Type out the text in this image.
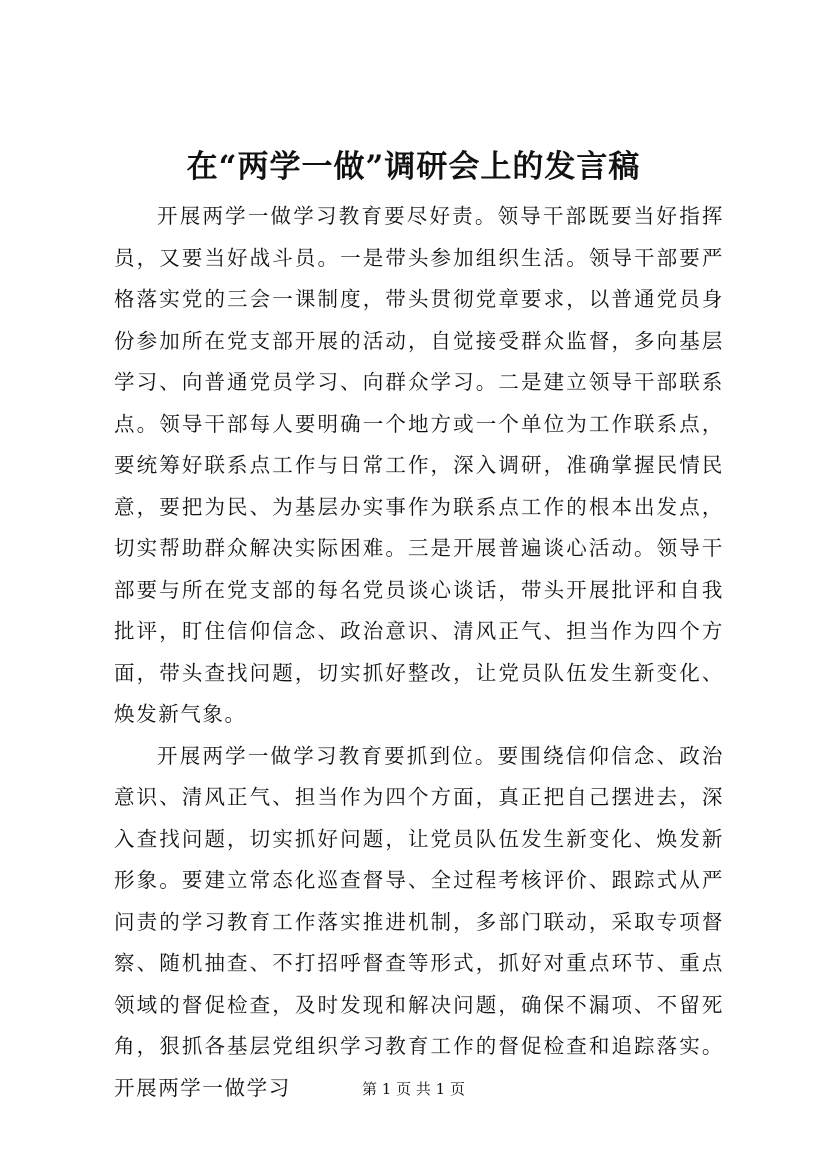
在“两学一做”调研会上的发言稿

开展两学一做学习教育要尽好责。领导干部既要当好指挥员，又要当好战斗员。一是带头参加组织生活。领导干部要严格落实党的三会一课制度，带头贯彻党章要求，以普通党员身份参加所在党支部开展的活动，自觉接受群众监督，多向基层学习、向普通党员学习、向群众学习。二是建立领导干部联系点。领导干部每人要明确一个地方或一个单位为工作联系点，要统筹好联系点工作与日常工作，深入调研，准确掌握民情民意，要把为民、为基层办实事作为联系点工作的根本出发点，切实帮助群众解决实际困难。三是开展普遍谈心活动。领导干部要与所在党支部的每名党员谈心谈话，带头开展批评和自我批评，盯住信仰信念、政治意识、清风正气、担当作为四个方面，带头查找问题，切实抓好整改，让党员队伍发生新变化、焕发新气象。

开展两学一做学习教育要抓到位。要围绕信仰信念、政治意识、清风正气、担当作为四个方面，真正把自己摆进去，深入查找问题，切实抓好问题，让党员队伍发生新变化、焕发新形象。要建立常态化巡查督导、全过程考核评价、跟踪式从严问责的学习教育工作落实推进机制，多部门联动，采取专项督察、随机抽查、不打招呼督查等形式，抓好对重点环节、重点领域的督促检查，及时发现和解决问题，确保不漏项、不留死角，狠抓各基层党组织学习教育工作的督促检查和追踪落实。开展两学一做学习	第 1 页 共 1 页
